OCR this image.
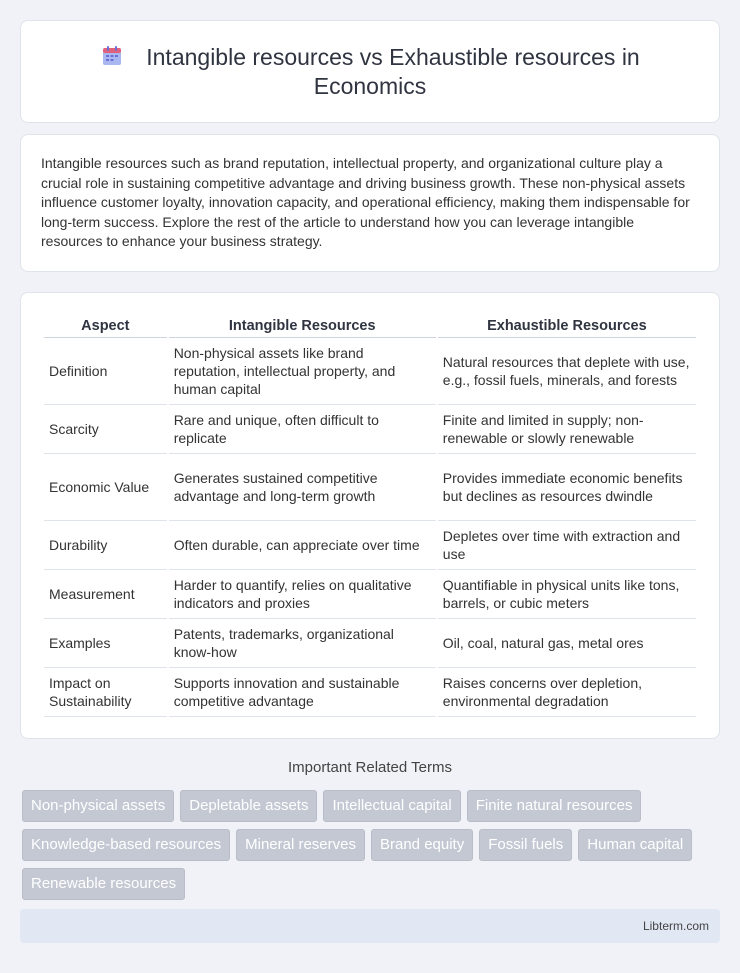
Intangible resources vs Exhaustible resources in Economics

Intangible resources such as brand reputation, intellectual property, and organizational culture play a crucial role in sustaining competitive advantage and driving business growth. These non-physical assets influence customer loyalty, innovation capacity, and operational efficiency, making them indispensable for long-term success. Explore the rest of the article to understand how you can leverage intangible resources to enhance your business strategy.

Aspect	Intangible Resources	Exhaustible Resources
Definition	Non-physical assets like brand reputation, intellectual property, and human capital	Natural resources that deplete with use, e.g., fossil fuels, minerals, and forests
Scarcity	Rare and unique, often difficult to replicate	Finite and limited in supply; non-renewable or slowly renewable
Economic Value	Generates sustained competitive advantage and long-term growth	Provides immediate economic benefits but declines as resources dwindle
Durability	Often durable, can appreciate over time	Depletes over time with extraction and use
Measurement	Harder to quantify, relies on qualitative indicators and proxies	Quantifiable in physical units like tons, barrels, or cubic meters
Examples	Patents, trademarks, organizational know-how	Oil, coal, natural gas, metal ores
Impact on Sustainability	Supports innovation and sustainable competitive advantage	Raises concerns over depletion, environmental degradation
Important Related Terms
Non-physical assets	Depletable assets	Intellectual capital	Finite natural resources
Knowledge-based resources	Mineral reserves	Brand equity	Fossil fuels	Human capital
Renewable resources
Libterm.com
